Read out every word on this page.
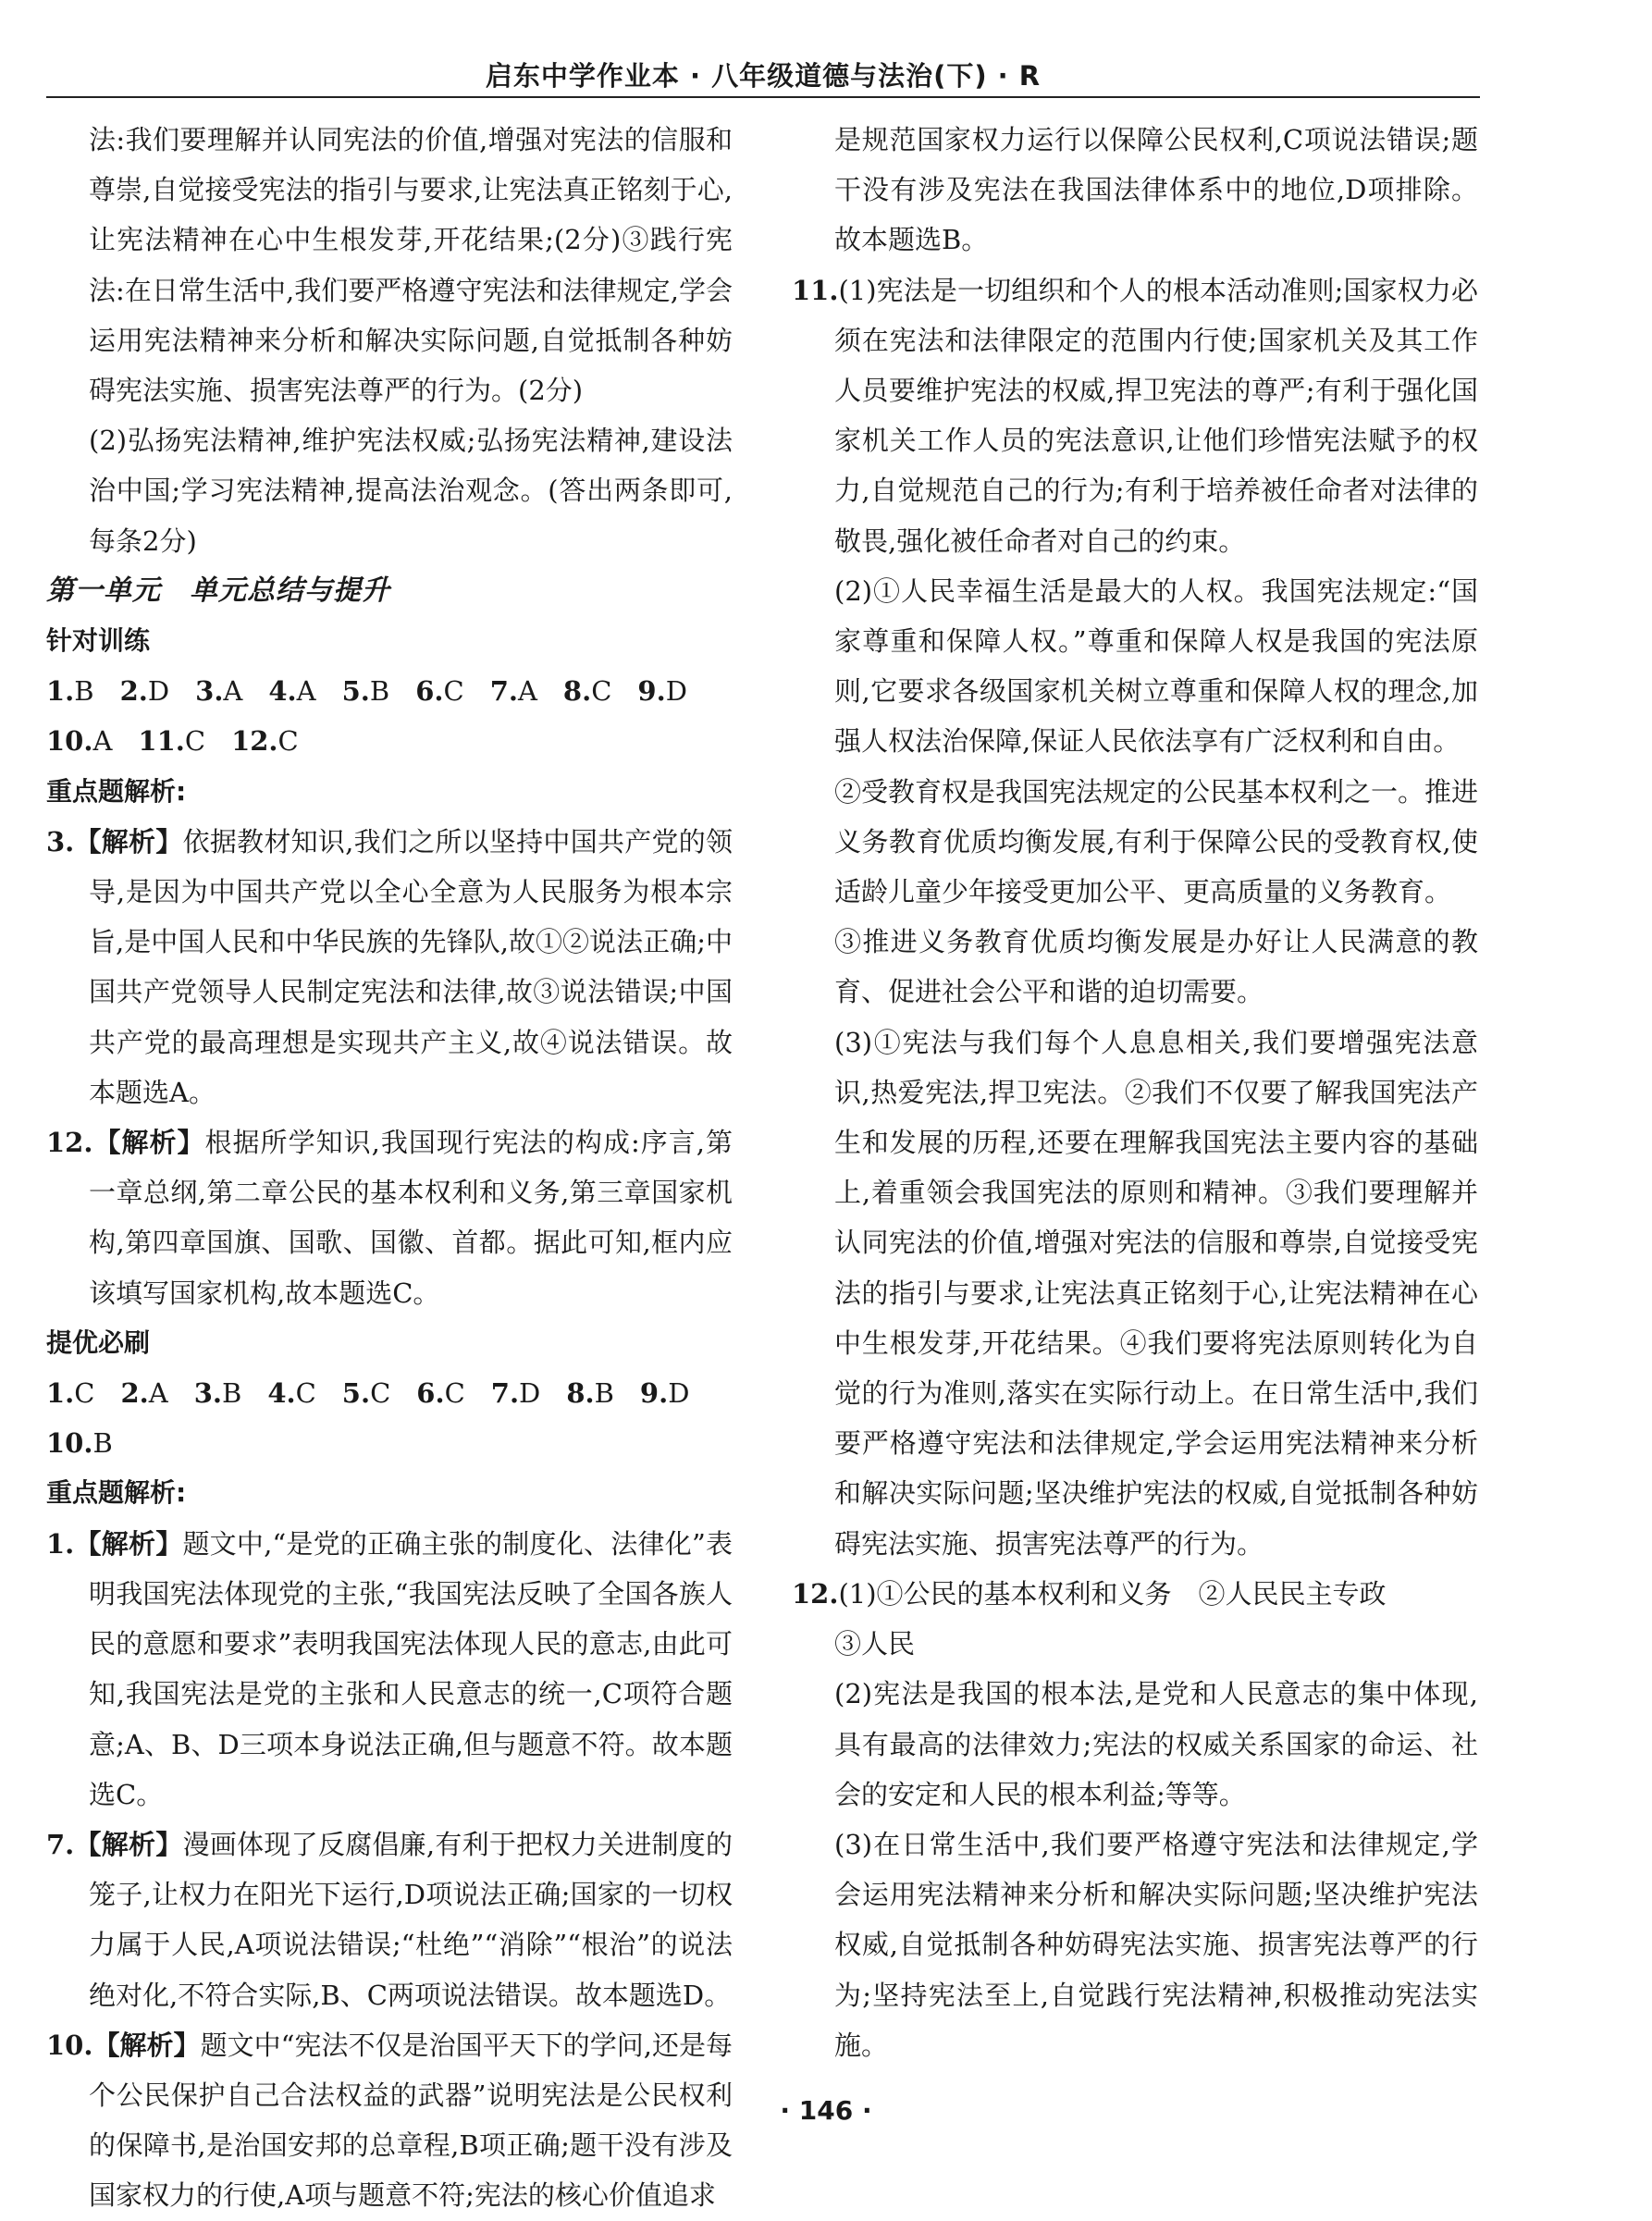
启东中学作业本 · 八年级道德与法治(下) · R

法:我们要理解并认同宪法的价值,增强对宪法的信服和尊崇,自觉接受宪法的指引与要求,让宪法真正铭刻于心,让宪法精神在心中生根发芽,开花结果;(2分)③践行宪法:在日常生活中,我们要严格遵守宪法和法律规定,学会运用宪法精神来分析和解决实际问题,自觉抵制各种妨碍宪法实施、损害宪法尊严的行为。(2分)

(2)弘扬宪法精神,维护宪法权威;弘扬宪法精神,建设法治中国;学习宪法精神,提高法治观念。(答出两条即可,每条2分)

第一单元　单元总结与提升

针对训练

1.B 2.D 3.A 4.A 5.B 6.C 7.A 8.C 9.D

10.A 11.C 12.C

重点题解析:

3.【解析】依据教材知识,我们之所以坚持中国共产党的领导,是因为中国共产党以全心全意为人民服务为根本宗旨,是中国人民和中华民族的先锋队,故①②说法正确;中国共产党领导人民制定宪法和法律,故③说法错误;中国共产党的最高理想是实现共产主义,故④说法错误。故本题选A。

12.【解析】根据所学知识,我国现行宪法的构成:序言,第一章总纲,第二章公民的基本权利和义务,第三章国家机构,第四章国旗、国歌、国徽、首都。据此可知,框内应该填写国家机构,故本题选C。

提优必刷

1.C 2.A 3.B 4.C 5.C 6.C 7.D 8.B 9.D10.B

重点题解析:

1.【解析】题文中,“是党的正确主张的制度化、法律化”表明我国宪法体现党的主张,“我国宪法反映了全国各族人民的意愿和要求”表明我国宪法体现人民的意志,由此可知,我国宪法是党的主张和人民意志的统一,C项符合题意;A、B、D三项本身说法正确,但与题意不符。故本题选C。

7.【解析】漫画体现了反腐倡廉,有利于把权力关进制度的笼子,让权力在阳光下运行,D项说法正确;国家的一切权力属于人民,A项说法错误;“杜绝”“消除”“根治”的说法绝对化,不符合实际,B、C两项说法错误。故本题选D。

10.【解析】题文中“宪法不仅是治国平天下的学问,还是每个公民保护自己合法权益的武器”说明宪法是公民权利的保障书,是治国安邦的总章程,B项正确;题干没有涉及国家权力的行使,A项与题意不符;宪法的核心价值追求

是规范国家权力运行以保障公民权利,C项说法错误;题干没有涉及宪法在我国法律体系中的地位,D项排除。故本题选B。

11.(1)宪法是一切组织和个人的根本活动准则;国家权力必须在宪法和法律限定的范围内行使;国家机关及其工作人员要维护宪法的权威,捍卫宪法的尊严;有利于强化国家机关工作人员的宪法意识,让他们珍惜宪法赋予的权力,自觉规范自己的行为;有利于培养被任命者对法律的敬畏,强化被任命者对自己的约束。

(2)①人民幸福生活是最大的人权。我国宪法规定:“国家尊重和保障人权。”尊重和保障人权是我国的宪法原则,它要求各级国家机关树立尊重和保障人权的理念,加强人权法治保障,保证人民依法享有广泛权利和自由。

②受教育权是我国宪法规定的公民基本权利之一。推进义务教育优质均衡发展,有利于保障公民的受教育权,使适龄儿童少年接受更加公平、更高质量的义务教育。

③推进义务教育优质均衡发展是办好让人民满意的教育、促进社会公平和谐的迫切需要。

(3)①宪法与我们每个人息息相关,我们要增强宪法意识,热爱宪法,捍卫宪法。②我们不仅要了解我国宪法产生和发展的历程,还要在理解我国宪法主要内容的基础上,着重领会我国宪法的原则和精神。③我们要理解并认同宪法的价值,增强对宪法的信服和尊崇,自觉接受宪法的指引与要求,让宪法真正铭刻于心,让宪法精神在心中生根发芽,开花结果。④我们要将宪法原则转化为自觉的行为准则,落实在实际行动上。在日常生活中,我们要严格遵守宪法和法律规定,学会运用宪法精神来分析和解决实际问题;坚决维护宪法的权威,自觉抵制各种妨碍宪法实施、损害宪法尊严的行为。

12.(1)①公民的基本权利和义务　②人民民主专政

③人民

(2)宪法是我国的根本法,是党和人民意志的集中体现,具有最高的法律效力;宪法的权威关系国家的命运、社会的安定和人民的根本利益;等等。

(3)在日常生活中,我们要严格遵守宪法和法律规定,学会运用宪法精神来分析和解决实际问题;坚决维护宪法权威,自觉抵制各种妨碍宪法实施、损害宪法尊严的行为;坚持宪法至上,自觉践行宪法精神,积极推动宪法实施。

· 146 ·
